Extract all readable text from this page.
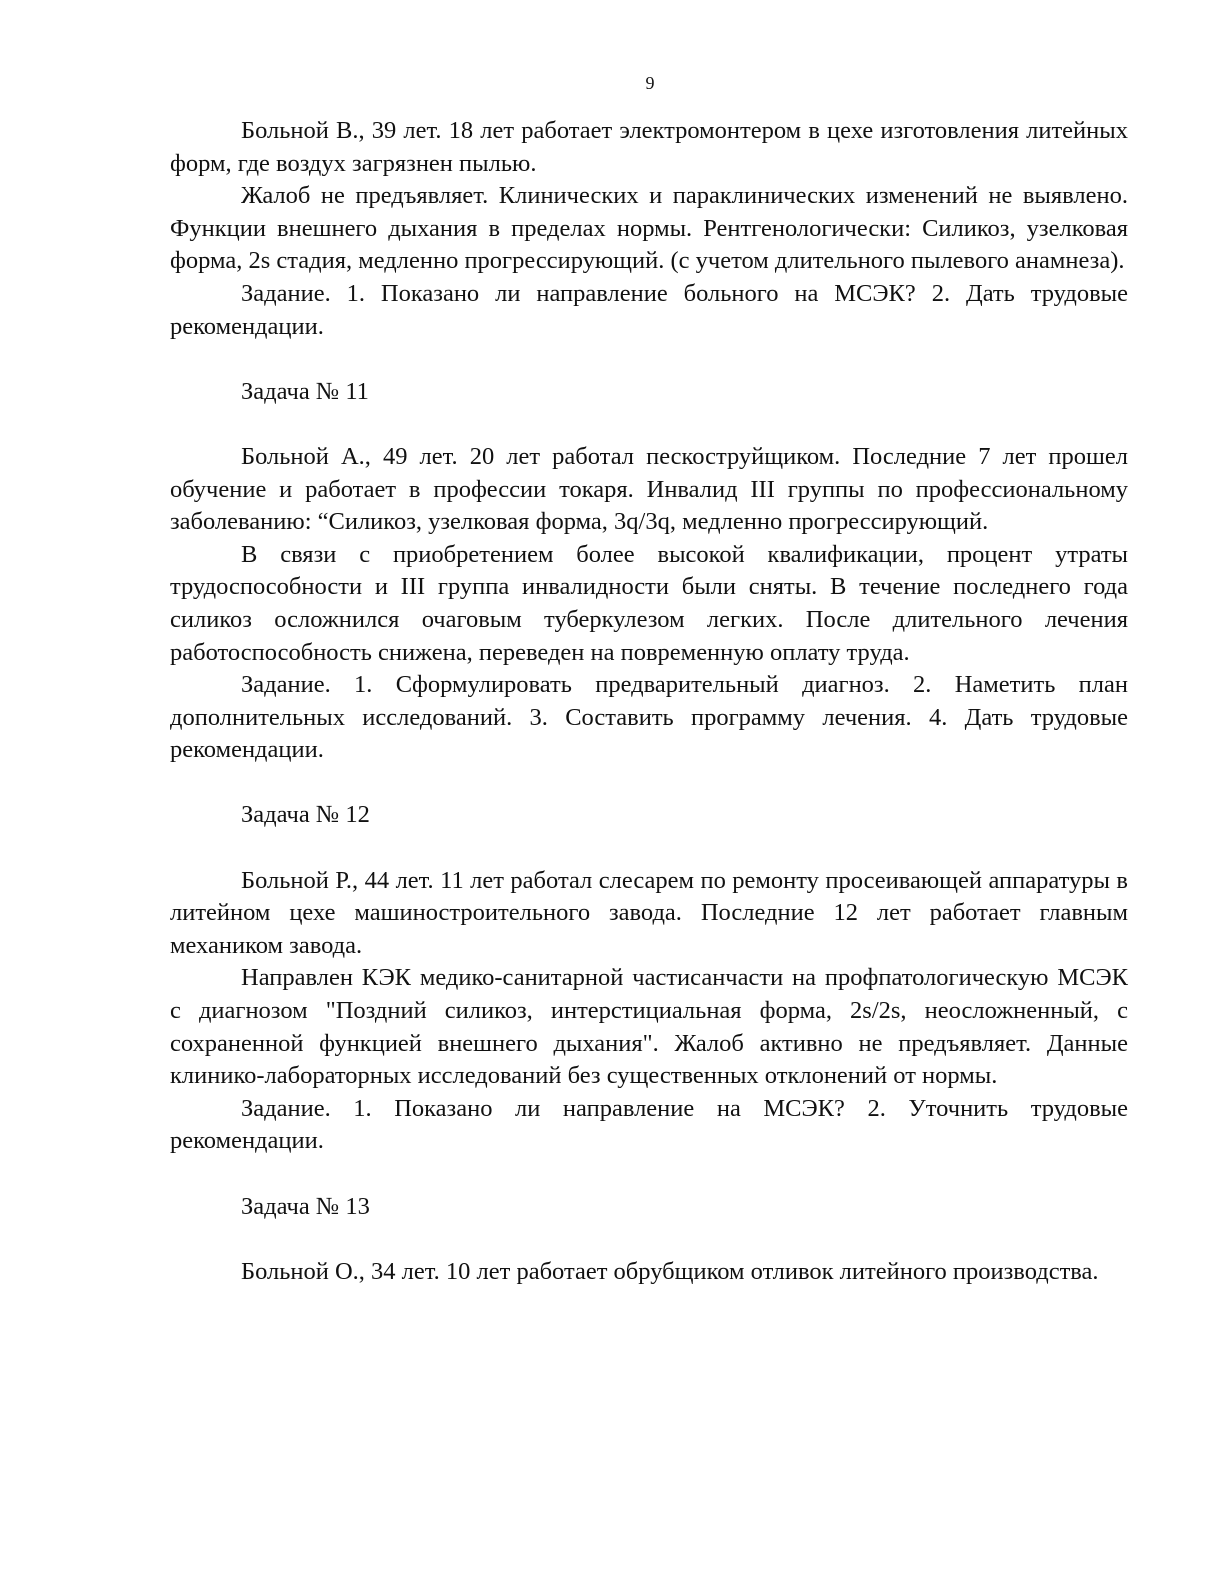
9

Больной В., 39 лет. 18 лет работает электромонтером в цехе изготовления литейных форм, где воздух загрязнен пылью.

Жалоб не предъявляет. Клинических и параклинических изменений не выявлено. Функции внешнего дыхания в пределах нормы. Рентгенологически: Силикоз, узелковая форма, 2s стадия, медленно прогрессирующий. (с учетом длительного пылевого анамнеза).

Задание. 1. Показано ли направление больного на МСЭК? 2. Дать трудовые рекомендации.

Задача № 11

Больной А., 49 лет. 20 лет работал пескоструйщиком. Последние 7 лет прошел обучение и работает в профессии токаря. Инвалид III группы по профессиональному заболеванию: “Силикоз, узелковая форма, 3q/3q, медленно прогрессирующий.

В связи с приобретением более высокой квалификации, процент утраты трудоспособности и III группа инвалидности были сняты. В течение последнего года силикоз осложнился очаговым туберкулезом легких. После длительного лечения работоспособность снижена, переведен на повременную оплату труда.

Задание. 1. Сформулировать предварительный диагноз. 2. Наметить план дополнительных исследований. 3. Составить программу лечения. 4. Дать трудовые рекомендации.

Задача № 12

Больной Р., 44 лет. 11 лет работал слесарем по ремонту просеивающей аппаратуры в литейном цехе машиностроительного завода. Последние 12 лет работает главным механиком завода.

Направлен КЭК медико-санитарной частисанчасти на профпатологическую МСЭК с диагнозом "Поздний силикоз, интерстициальная форма, 2s/2s, неосложненный, с сохраненной функцией внешнего дыхания". Жалоб активно не предъявляет. Данные клинико-лабораторных исследований без существенных отклонений от нормы.

Задание. 1. Показано ли направление на МСЭК? 2. Уточнить трудовые рекомендации.

Задача № 13

Больной О., 34 лет. 10 лет работает обрубщиком отливок литейного производства.
